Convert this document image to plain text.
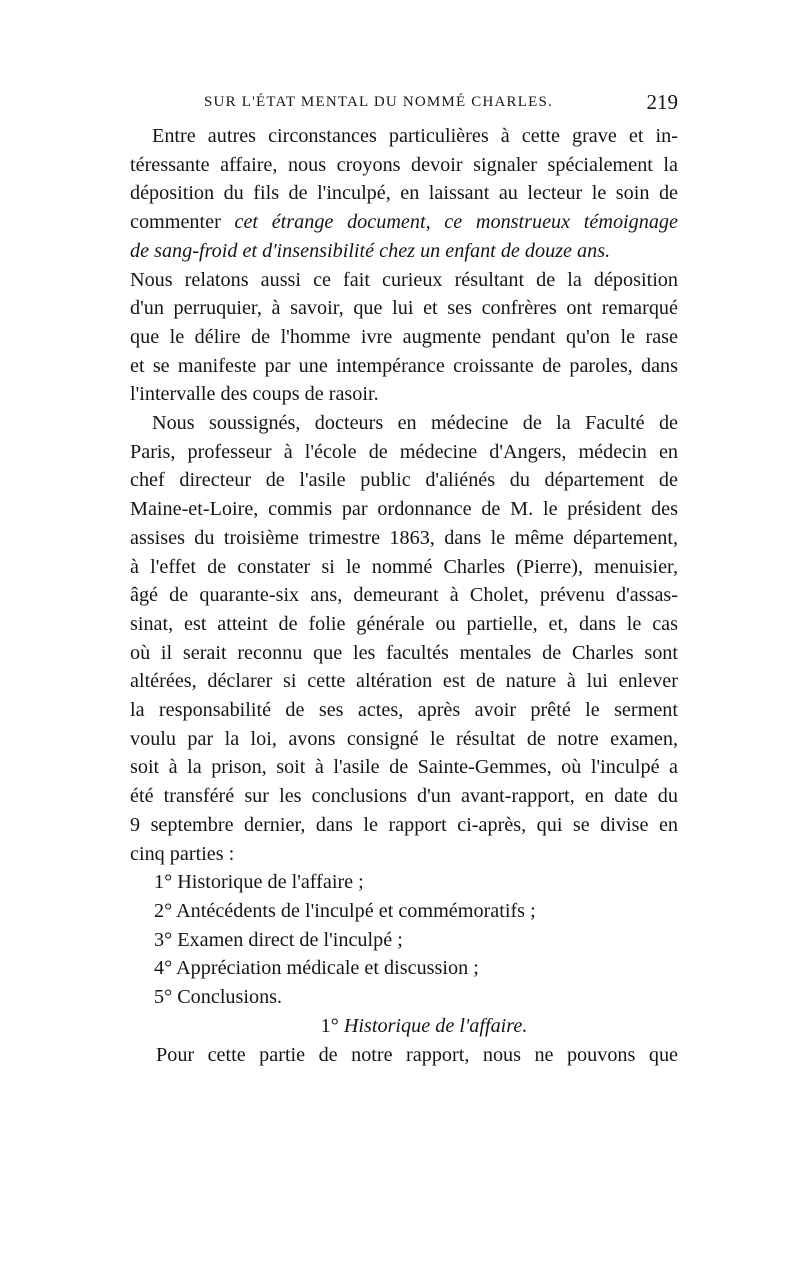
SUR L'ÉTAT MENTAL DU NOMMÉ CHARLES.	219

Entre autres circonstances particulières à cette grave et in-
téressante affaire, nous croyons devoir signaler spécialement la
déposition du fils de l'inculpé, en laissant au lecteur le soin de
commenter cet étrange document, ce monstrueux témoignage
de sang-froid et d'insensibilité chez un enfant de douze ans.
Nous relatons aussi ce fait curieux résultant de la déposition
d'un perruquier, à savoir, que lui et ses confrères ont remarqué
que le délire de l'homme ivre augmente pendant qu'on le rase
et se manifeste par une intempérance croissante de paroles, dans
l'intervalle des coups de rasoir.

Nous soussignés, docteurs en médecine de la Faculté de
Paris, professeur à l'école de médecine d'Angers, médecin en
chef directeur de l'asile public d'aliénés du département de
Maine-et-Loire, commis par ordonnance de M. le président des
assises du troisième trimestre 1863, dans le même département,
à l'effet de constater si le nommé Charles (Pierre), menuisier,
âgé de quarante-six ans, demeurant à Cholet, prévenu d'assas-
sinat, est atteint de folie générale ou partielle, et, dans le cas
où il serait reconnu que les facultés mentales de Charles sont
altérées, déclarer si cette altération est de nature à lui enlever
la responsabilité de ses actes, après avoir prêté le serment
voulu par la loi, avons consigné le résultat de notre examen,
soit à la prison, soit à l'asile de Sainte-Gemmes, où l'inculpé a
été transféré sur les conclusions d'un avant-rapport, en date du
9 septembre dernier, dans le rapport ci-après, qui se divise en
cinq parties :

1° Historique de l'affaire ;
2° Antécédents de l'inculpé et commémoratifs ;
3° Examen direct de l'inculpé ;
4° Appréciation médicale et discussion ;
5° Conclusions.
1° Historique de l'affaire.

Pour cette partie de notre rapport, nous ne pouvons que
